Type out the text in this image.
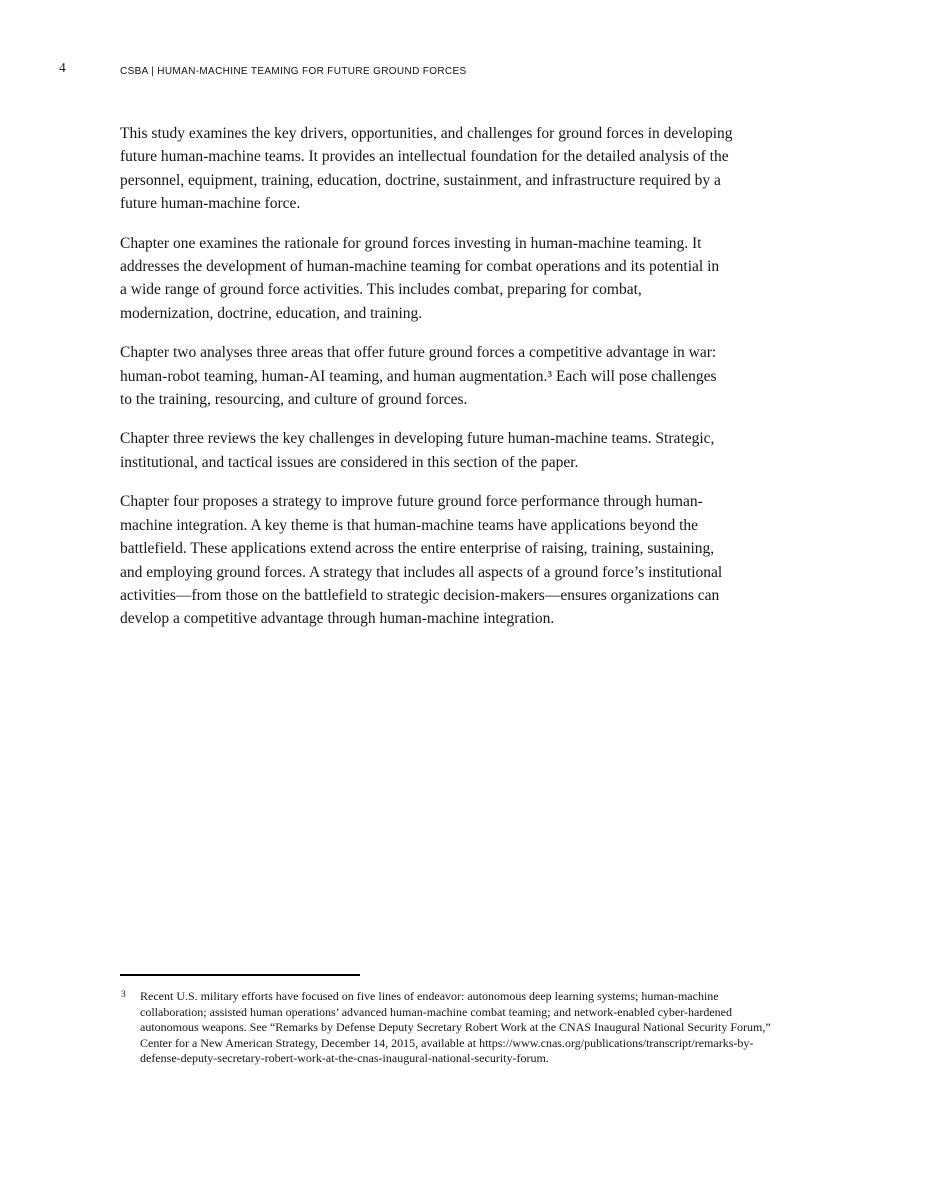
4	CSBA | HUMAN-MACHINE TEAMING FOR FUTURE GROUND FORCES
This study examines the key drivers, opportunities, and challenges for ground forces in developing
future human-machine teams. It provides an intellectual foundation for the detailed analysis of the
personnel, equipment, training, education, doctrine, sustainment, and infrastructure required by a
future human-machine force.
Chapter one examines the rationale for ground forces investing in human-machine teaming. It
addresses the development of human-machine teaming for combat operations and its potential in
a wide range of ground force activities. This includes combat, preparing for combat,
modernization, doctrine, education, and training.
Chapter two analyses three areas that offer future ground forces a competitive advantage in war:
human-robot teaming, human-AI teaming, and human augmentation.³ Each will pose challenges
to the training, resourcing, and culture of ground forces.
Chapter three reviews the key challenges in developing future human-machine teams. Strategic,
institutional, and tactical issues are considered in this section of the paper.
Chapter four proposes a strategy to improve future ground force performance through human-
machine integration. A key theme is that human-machine teams have applications beyond the
battlefield. These applications extend across the entire enterprise of raising, training, sustaining,
and employing ground forces. A strategy that includes all aspects of a ground force’s institutional
activities—from those on the battlefield to strategic decision-makers—ensures organizations can
develop a competitive advantage through human-machine integration.
3 Recent U.S. military efforts have focused on five lines of endeavor: autonomous deep learning systems; human-machine
collaboration; assisted human operations’ advanced human-machine combat teaming; and network-enabled cyber-hardened
autonomous weapons. See “Remarks by Defense Deputy Secretary Robert Work at the CNAS Inaugural National Security Forum,”
Center for a New American Strategy, December 14, 2015, available at https://www.cnas.org/publications/transcript/remarks-by-
defense-deputy-secretary-robert-work-at-the-cnas-inaugural-national-security-forum.
